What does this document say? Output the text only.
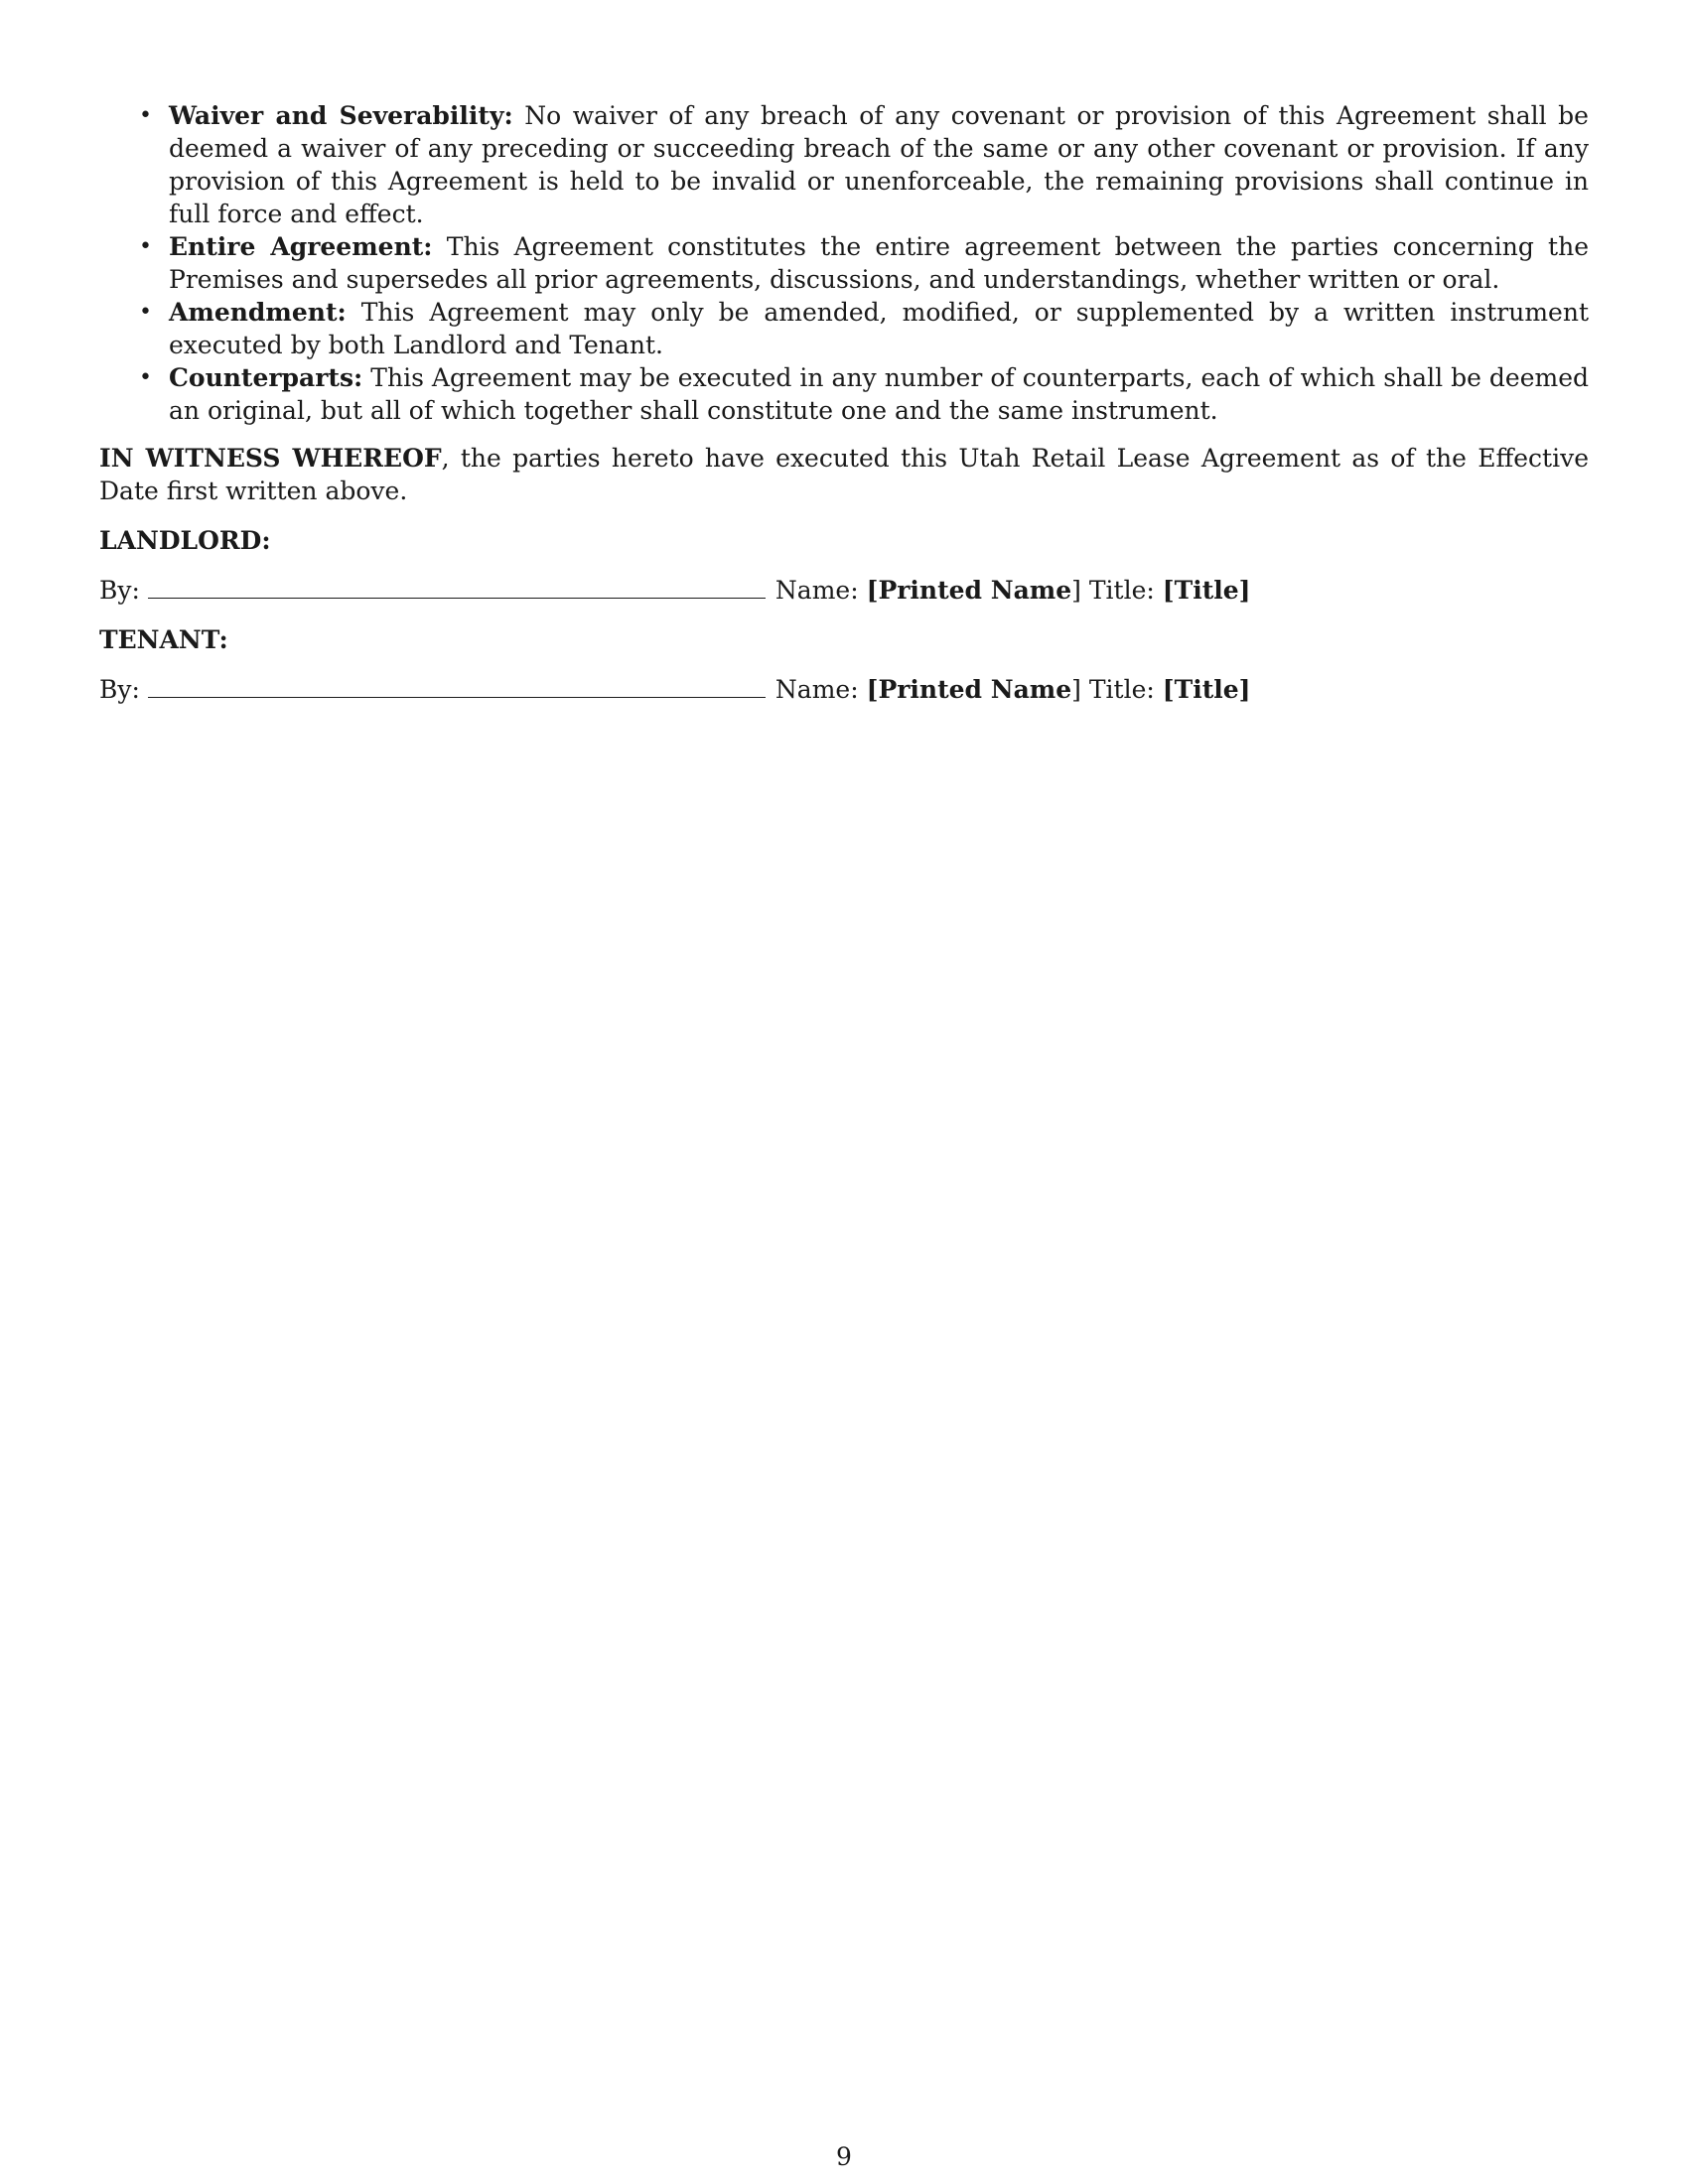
• Waiver and Severability: No waiver of any breach of any covenant or provision of this Agreement shall be deemed a waiver of any preceding or succeeding breach of the same or any other covenant or provision. If any provision of this Agreement is held to be invalid or unenforceable, the remaining provisions shall continue in full force and effect.
• Entire Agreement: This Agreement constitutes the entire agreement between the parties concerning the Premises and supersedes all prior agreements, discussions, and understandings, whether written or oral.
• Amendment: This Agreement may only be amended, modified, or supplemented by a written instrument executed by both Landlord and Tenant.
• Counterparts: This Agreement may be executed in any number of counterparts, each of which shall be deemed an original, but all of which together shall constitute one and the same instrument.
IN WITNESS WHEREOF, the parties hereto have executed this Utah Retail Lease Agreement as of the Effective Date first written above.
LANDLORD:
By:	Name: [Printed Name] Title: [Title]
TENANT:
By:	Name: [Printed Name] Title: [Title]
9
